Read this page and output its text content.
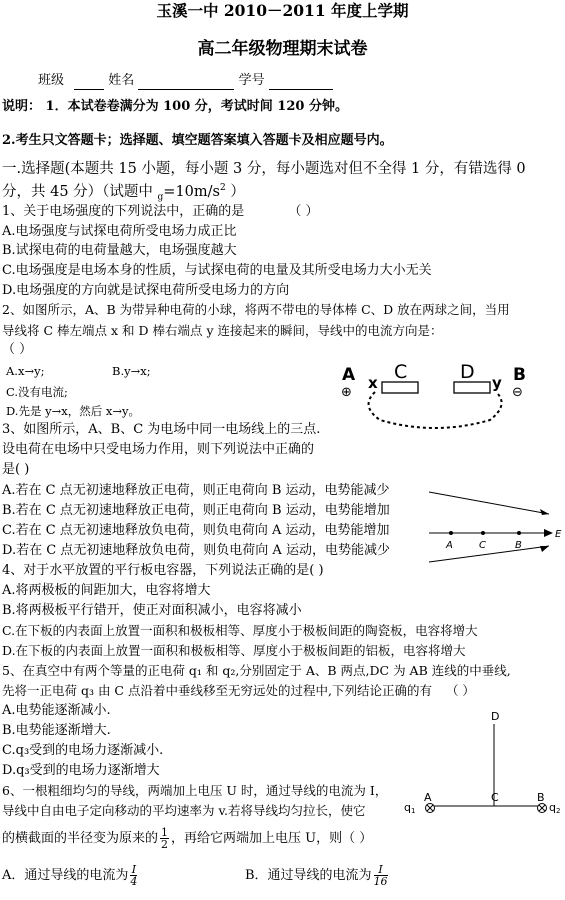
玉溪一中 2010－2011 年度上学期
高二年级物理期末试卷
班级	姓名	学号
说明： 1．本试卷卷满分为 100 分，考试时间 120 分钟。
2.考生只文答题卡；选择题、填空题答案填入答题卡及相应题号内。
一.选择题(本题共 15 小题，每小题 3 分，每小题选对但不全得 1 分，有错选得 0
分，共 45 分）（试题中 $_g=10m/s^2$ ）
1、关于电场强度的下列说法中，正确的是	（ ）
A.电场强度与试探电荷所受电场力成正比
B.试探电荷的电荷量越大，电场强度越大
C.电场强度是电场本身的性质，与试探电荷的电量及其所受电场力大小无关
D.电场强度的方向就是试探电荷所受电场力的方向
2、如图所示，A、B 为带异种电荷的小球，将两不带电的导体棒 C、D 放在两球之间，当用
导线将 C 棒左端点 x 和 D 棒右端点 y 连接起来的瞬间，导线中的电流方向是：
（ ）
A.x→y;	B.y→x;
C.没有电流;
D.先是 y→x，然后 x→y。
A
⊕
x C	D y B
⊖
3、如图所示，A、B、C 为电场中同一电场线上的三点.
设电荷在电场中只受电场力作用，则下列说法中正确的
是( )
A.若在 C 点无初速地释放正电荷，则正电荷向 B 运动，电势能减少
B.若在 C 点无初速地释放正电荷，则正电荷向 B 运动，电势能增加
C.若在 C 点无初速地释放负电荷，则负电荷向 A 运动，电势能增加
D.若在 C 点无初速地释放负电荷，则负电荷向 A 运动，电势能减少	A	C	B
E
4、对于水平放置的平行板电容器，下列说法正确的是( )
A.将两极板的间距加大，电容将增大
B.将两极板平行错开，使正对面积减小，电容将减小
C.在下板的内表面上放置一面积和极板相等、厚度小于极板间距的陶瓷板，电容将增大
D.在下板的内表面上放置一面积和极板相等、厚度小于极板间距的铝板，电容将增大
5、在真空中有两个等量的正电荷 q₁ 和 q₂,分别固定于 A、B 两点,DC 为 AB 连线的中垂线,
先将一正电荷 q₃ 由 C 点沿着中垂线移至无穷远处的过程中,下列结论正确的有 （ ）
A.电势能逐渐减小.
B.电势能逐渐增大.
C.q₃受到的电场力逐渐减小.
D.q₃受到的电场力逐渐增大
D
C
A	B
q1	q2
6、一根粗细均匀的导线，两端加上电压 U 时，通过导线的电流为 I，
导线中自由电子定向移动的平均速率为 v.若将导线均匀拉长，使它
的横截面的半径变为原来的 $\frac{1}{2}$ ，再给它两端加上电压 U，则（ ）
A．通过导线的电流为 $\frac{I}{4}$	B．通过导线的电流为 $\frac{I}{16}$
